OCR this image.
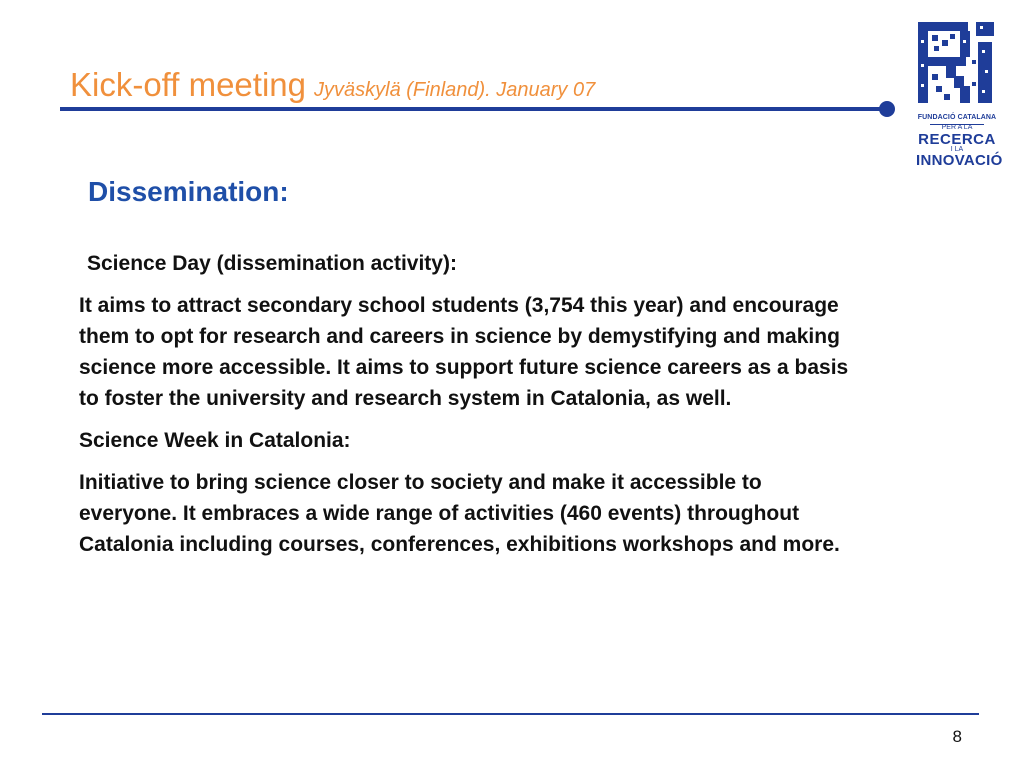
Kick-off meeting Jyväskylä (Finland). January 07
FUNDACIÓ CATALANA
PER A LA
RECERCA
I LA
INNOVACIÓ
Dissemination:

Science Day (dissemination activity):

It aims to attract secondary school students (3,754 this year) and encourage them to opt for research and careers in science by demystifying and making science more accessible. It aims to support future science careers as a basis to foster the university and research system in Catalonia, as well.

Science Week in Catalonia:

Initiative to bring science closer to society and make it accessible to everyone. It embraces a wide range of activities (460 events) throughout Catalonia including courses, conferences, exhibitions workshops and more.

8
